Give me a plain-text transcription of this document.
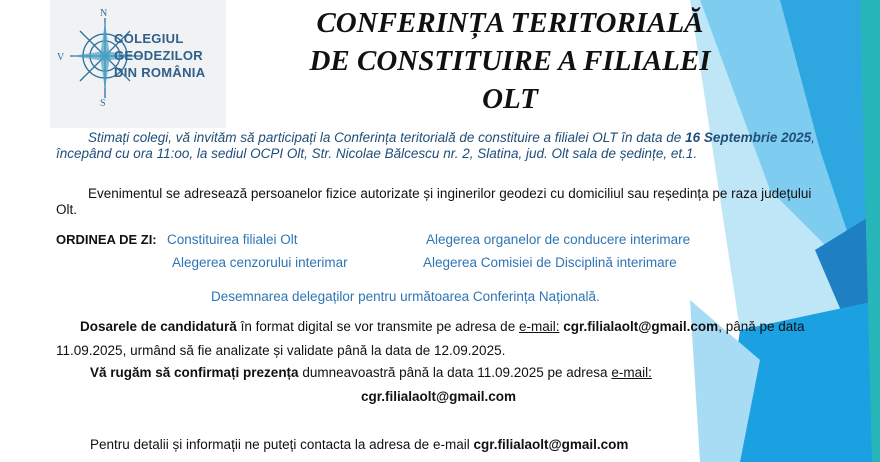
N
S
V
COLEGIUL
GEODEZILOR
DIN ROMÂNIA
CONFERINȚA TERITORIALĂ
DE CONSTITUIRE A FILIALEI
OLT
Stimați colegi, vă invităm să participați la Conferința teritorială de constituire a filialei OLT în data de 16 Septembrie 2025, începând cu ora 11:oo, la sediul OCPI Olt, Str. Nicolae Bălcescu nr. 2, Slatina, jud. Olt sala de ședințe, et.1.
Evenimentul se adresează persoanelor fizice autorizate și inginerilor geodezi cu domiciliul sau reședința pe raza județului Olt.
ORDINEA DE ZI: Constituirea filialei Olt	Alegerea organelor de conducere interimare
Alegerea cenzorului interimar	Alegerea Comisiei de Disciplină interimare
Desemnarea delegaților pentru următoarea Conferința Națională.
Dosarele de candidatură în format digital se vor transmite pe adresa de e-mail: cgr.filialaolt@gmail.com, până pe data 11.09.2025, urmând să fie analizate și validate până la data de 12.09.2025.
Vă rugăm să confirmați prezența dumneavoastră până la data 11.09.2025 pe adresa e-mail:
cgr.filialaolt@gmail.com
Pentru detalii și informații ne puteți contacta la adresa de e-mail cgr.filialaolt@gmail.com
